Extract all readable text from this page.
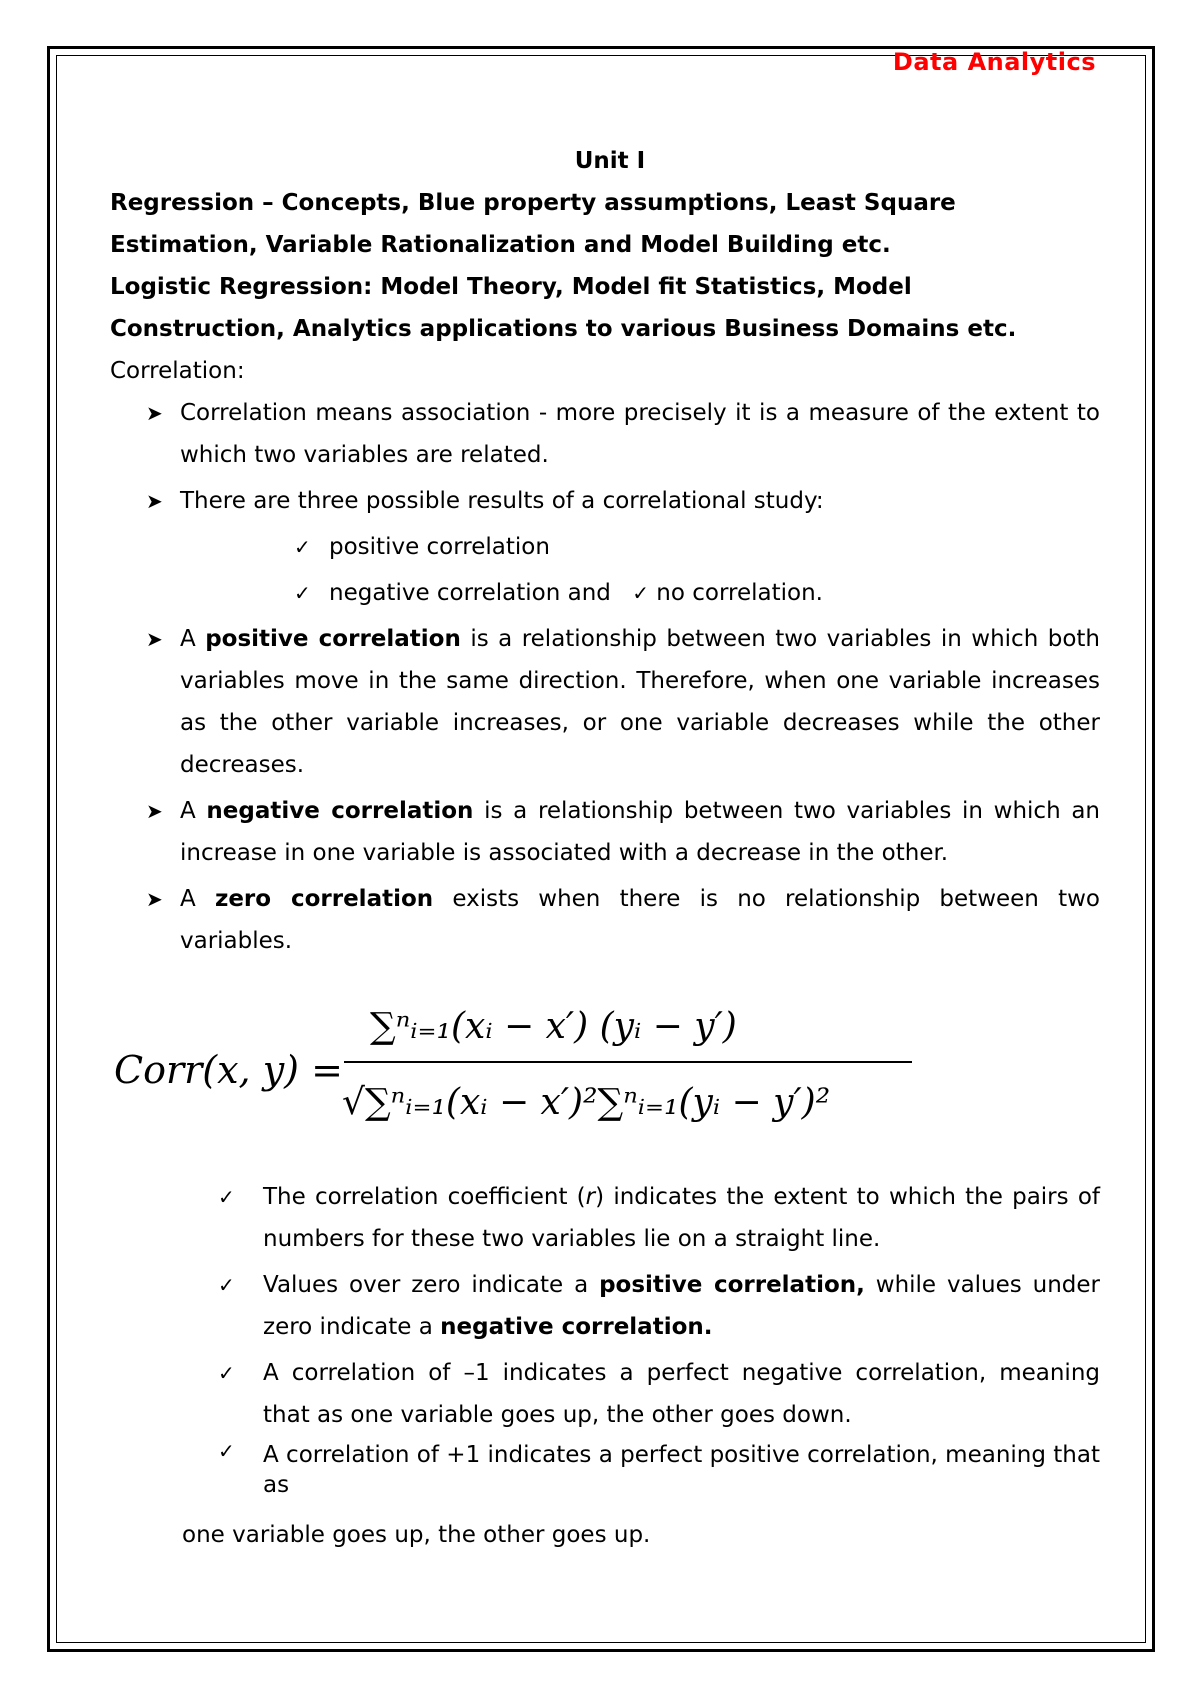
Data Analytics
Unit I
Regression – Concepts, Blue property assumptions, Least Square
Estimation, Variable Rationalization and Model Building etc.
Logistic Regression: Model Theory, Model fit Statistics, Model
Construction, Analytics applications to various Business Domains etc.
Correlation:
➤ Correlation means association - more precisely it is a measure of the extent to which two variables are related.
➤ There are three possible results of a correlational study:
✓ positive correlation
✓ negative correlation and ✓ no correlation.
➤ A positive correlation is a relationship between two variables in which both variables move in the same direction. Therefore, when one variable increases as the other variable increases, or one variable decreases while the other decreases.
➤ A negative correlation is a relationship between two variables in which an increase in one variable is associated with a decrease in the other.
➤ A zero correlation exists when there is no relationship between two variables.
Corr(x, y) =
∑ⁿᵢ₌₁(xᵢ − x′) (yᵢ − y′)
√∑ⁿᵢ₌₁(xᵢ − x′)²∑ⁿᵢ₌₁(yᵢ − y′)²
✓ The correlation coefficient (r) indicates the extent to which the pairs of numbers for these two variables lie on a straight line.
✓ Values over zero indicate a positive correlation, while values under zero indicate a negative correlation.
✓ A correlation of –1 indicates a perfect negative correlation, meaning that as one variable goes up, the other goes down.
✓ A correlation of +1 indicates a perfect positive correlation, meaning that as
one variable goes up, the other goes up.
